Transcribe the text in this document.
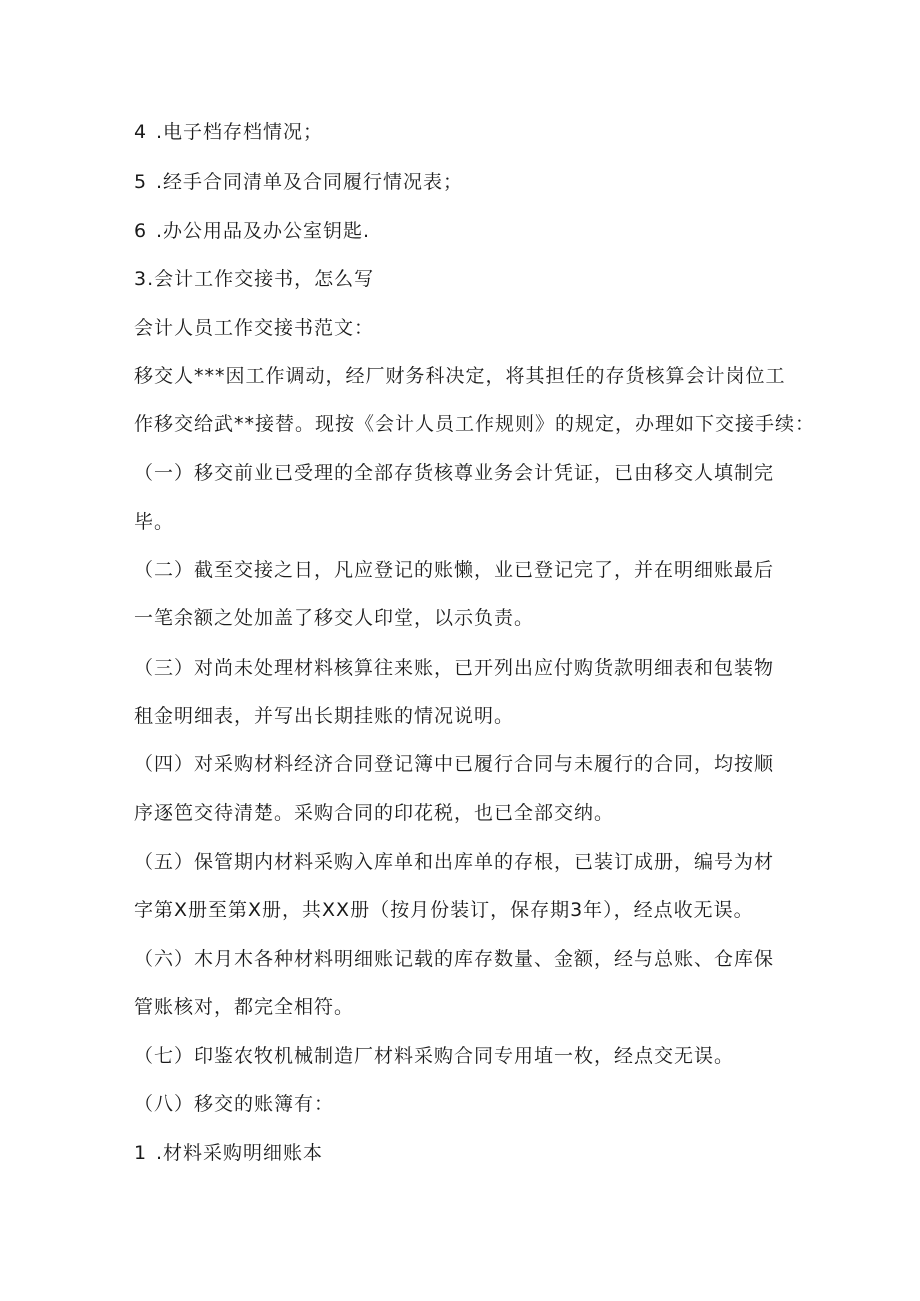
4 .电子档存档情况；
5 .经手合同清单及合同履行情况表；
6 .办公用品及办公室钥匙.
3.会计工作交接书，怎么写
会计人员工作交接书范文：
移交人***因工作调动，经厂财务科决定，将其担任的存货核算会计岗位工
作移交给武**接替。现按《会计人员工作规则》的规定，办理如下交接手续：
（一）移交前业已受理的全部存货核尊业务会计凭证，已由移交人填制完
毕。
（二）截至交接之日，凡应登记的账懒，业已登记完了，并在明细账最后
一笔余额之处加盖了移交人印堂，以示负责。
（三）对尚未处理材料核算往来账，已开列出应付购货款明细表和包装物
租金明细表，并写出长期挂账的情况说明。
（四）对采购材料经济合同登记簿中已履行合同与未履行的合同，均按顺
序逐笆交待清楚。采购合同的印花税，也已全部交纳。
（五）保管期内材料采购入库单和出库单的存根，已装订成册，编号为材
字第X册至第X册，共XX册（按月份装订，保存期3年），经点收无误。
（六）木月木各种材料明细账记载的库存数量、金额，经与总账、仓库保
管账核对，都完全相符。
（七）印鉴农牧机械制造厂材料采购合同专用埴一枚，经点交无误。
（八）移交的账簿有：
1 .材料采购明细账本
